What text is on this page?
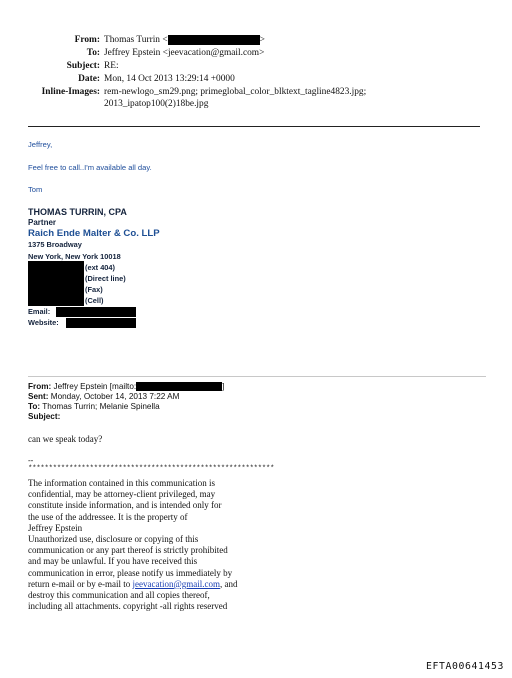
From: Thomas Turrin <	>
To: Jeffrey Epstein <jeevacation@gmail.com>
Subject: RE:
Date: Mon, 14 Oct 2013 13:29:14 +0000
Inline-Images: rem-newlogo_sm29.png; primeglobal_color_blktext_tagline4823.jpg;
2013_ipatop100(2)18be.jpg
Jeffrey,
Feel free to call..I'm available all day.
Tom
THOMAS TURRIN, CPA
Partner
Raich Ende Malter & Co. LLP
1375 Broadway
New York, New York 10018
(ext 404)
(Direct line)
(Fax)
(Cell)
Email:
Website:
From: Jeffrey Epstein [mailto:	]
Sent: Monday, October 14, 2013 7:22 AM
To: Thomas Turrin; Melanie Spinella
Subject:
can we speak today?
--
************************************************************
The information contained in this communication is
confidential, may be attorney-client privileged, may
constitute inside information, and is intended only for
the use of the addressee. It is the property of
Jeffrey Epstein
Unauthorized use, disclosure or copying of this
communication or any part thereof is strictly prohibited
and may be unlawful. If you have received this
communication in error, please notify us immediately by
return e-mail or by e-mail to jeevacation@gmail.com, and
destroy this communication and all copies thereof,
including all attachments. copyright -all rights reserved
EFTA00641453
